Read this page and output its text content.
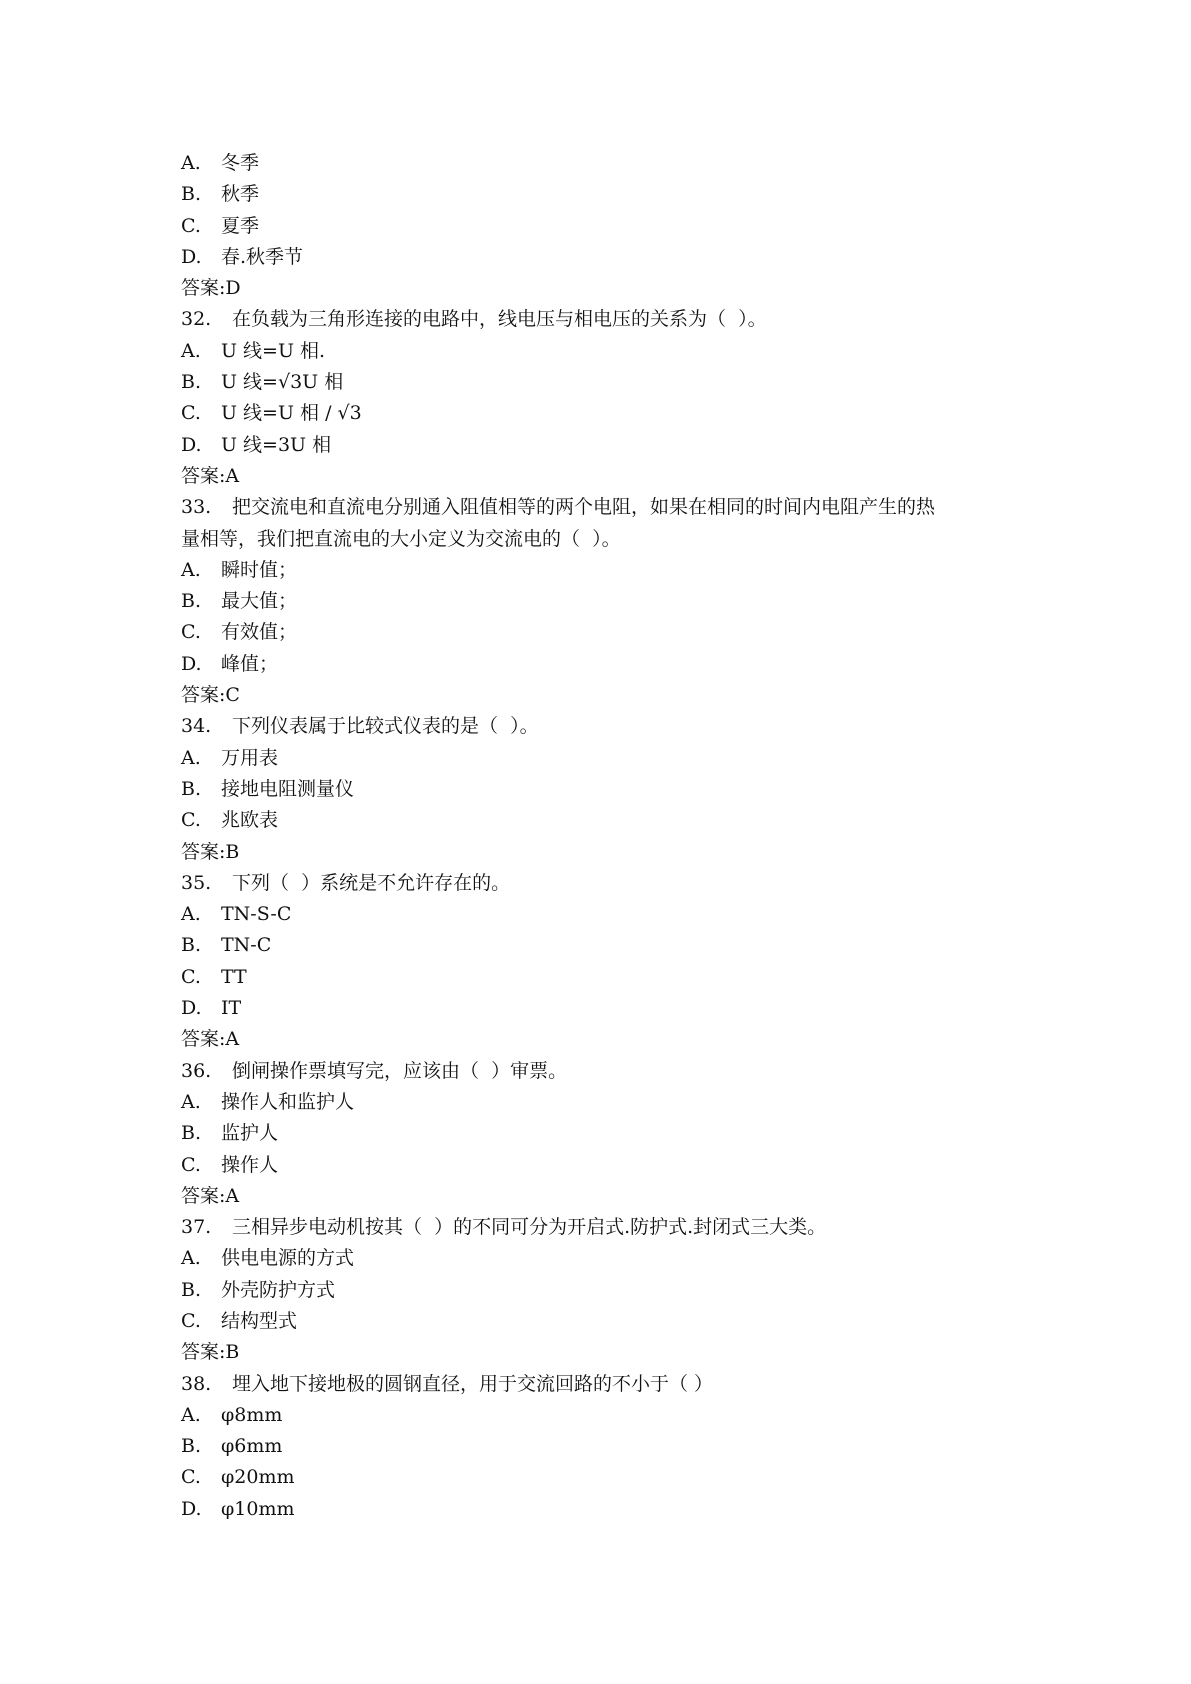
A. 冬季
B. 秋季
C. 夏季
D. 春.秋季节
答案:D
32. 在负载为三角形连接的电路中，线电压与相电压的关系为（  ）。
A. U 线=U 相.
B. U 线=√3U 相
C. U 线=U 相 / √3
D. U 线=3U 相
答案:A
33. 把交流电和直流电分别通入阻值相等的两个电阻，如果在相同的时间内电阻产生的热
量相等，我们把直流电的大小定义为交流电的（  ）。
A. 瞬时值；
B. 最大值；
C. 有效值；
D. 峰值；
答案:C
34. 下列仪表属于比较式仪表的是（  ）。
A. 万用表
B. 接地电阻测量仪
C. 兆欧表
答案:B
35. 下列（  ）系统是不允许存在的。
A. TN-S-C
B. TN-C
C. TT
D. IT
答案:A
36. 倒闸操作票填写完，应该由（  ）审票。
A. 操作人和监护人
B. 监护人
C. 操作人
答案:A
37. 三相异步电动机按其（  ）的不同可分为开启式.防护式.封闭式三大类。
A. 供电电源的方式
B. 外壳防护方式
C. 结构型式
答案:B
38. 埋入地下接地极的圆钢直径，用于交流回路的不小于（ ）
A. φ8mm
B. φ6mm
C. φ20mm
D. φ10mm
